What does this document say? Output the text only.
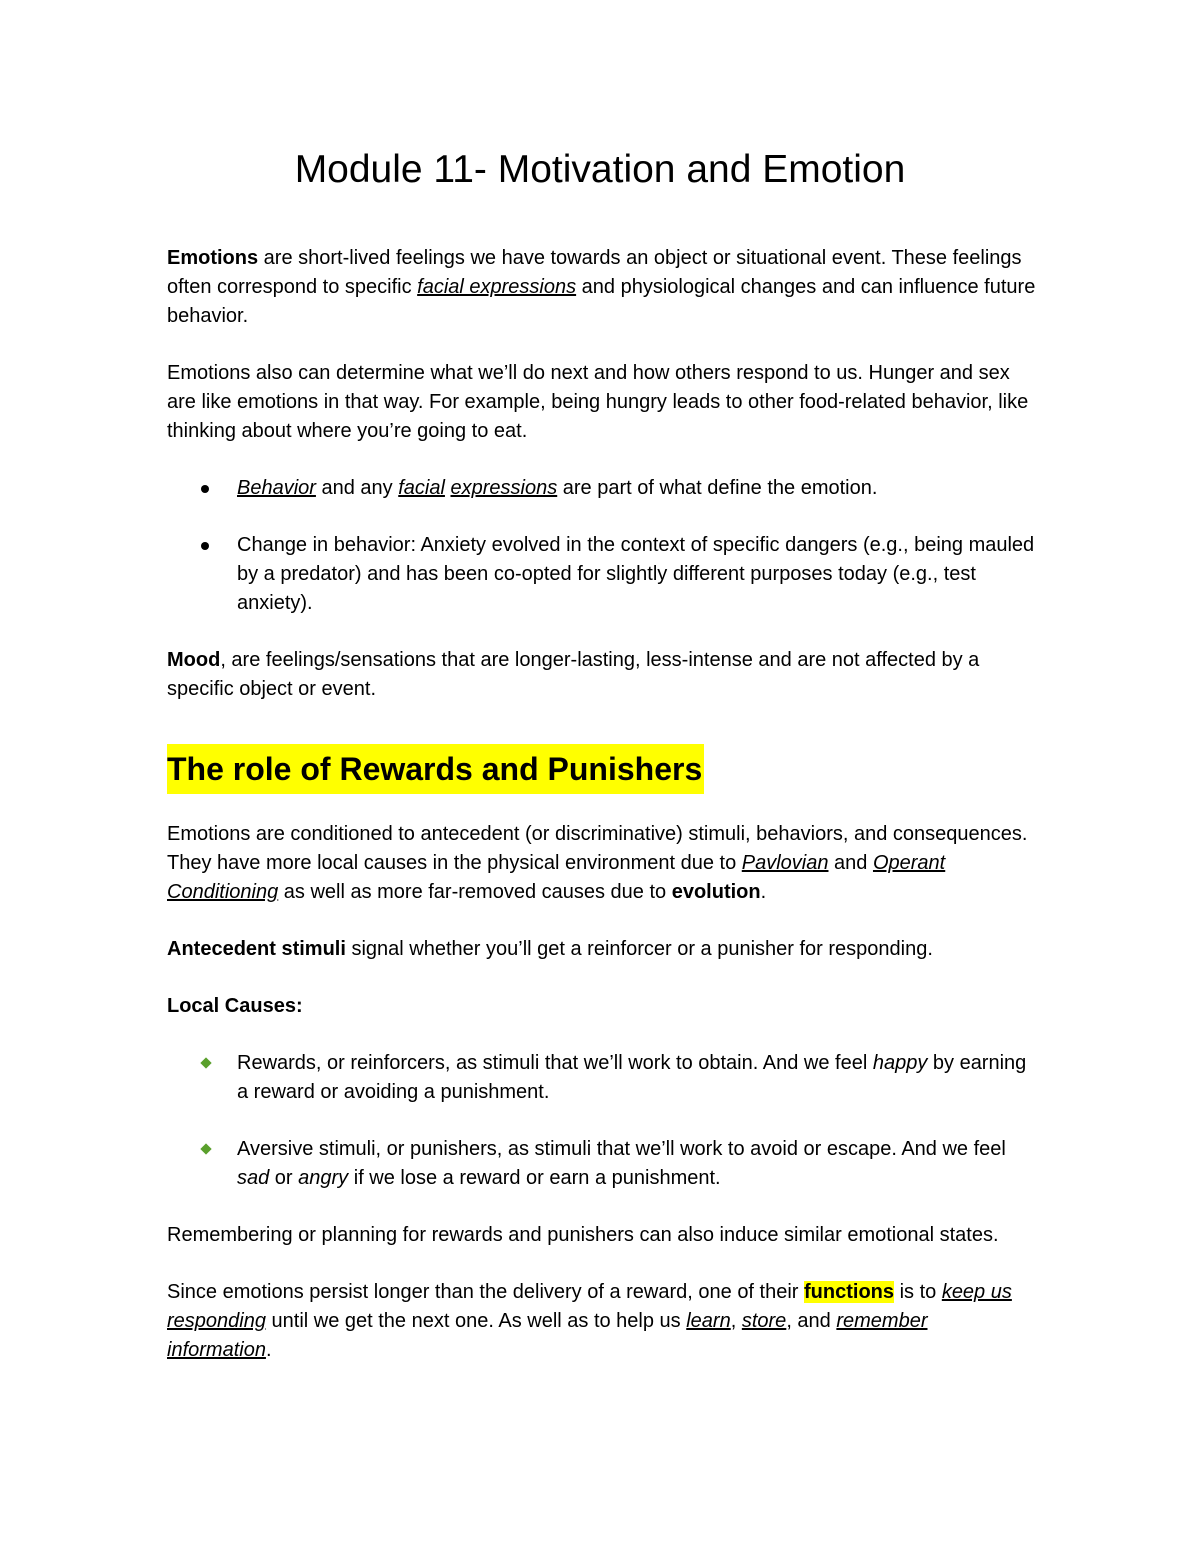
Module 11- Motivation and Emotion

Emotions are short-lived feelings we have towards an object or situational event. These feelings often correspond to specific facial expressions and physiological changes and can influence future behavior.

Emotions also can determine what we’ll do next and how others respond to us. Hunger and sex are like emotions in that way. For example, being hungry leads to other food-related behavior, like thinking about where you’re going to eat.

Behavior and any facial expressions are part of what define the emotion.
Change in behavior: Anxiety evolved in the context of specific dangers (e.g., being mauled by a predator) and has been co-opted for slightly different purposes today (e.g., test anxiety).

Mood, are feelings/sensations that are longer-lasting, less-intense and are not affected by a specific object or event.

The role of Rewards and Punishers

Emotions are conditioned to antecedent (or discriminative) stimuli, behaviors, and consequences. They have more local causes in the physical environment due to Pavlovian and Operant Conditioning as well as more far-removed causes due to evolution.

Antecedent stimuli signal whether you’ll get a reinforcer or a punisher for responding.

Local Causes:

Rewards, or reinforcers, as stimuli that we’ll work to obtain. And we feel happy by earning a reward or avoiding a punishment.
Aversive stimuli, or punishers, as stimuli that we’ll work to avoid or escape. And we feel sad or angry if we lose a reward or earn a punishment.

Remembering or planning for rewards and punishers can also induce similar emotional states.

Since emotions persist longer than the delivery of a reward, one of their functions is to keep us responding until we get the next one. As well as to help us learn, store, and remember information.
